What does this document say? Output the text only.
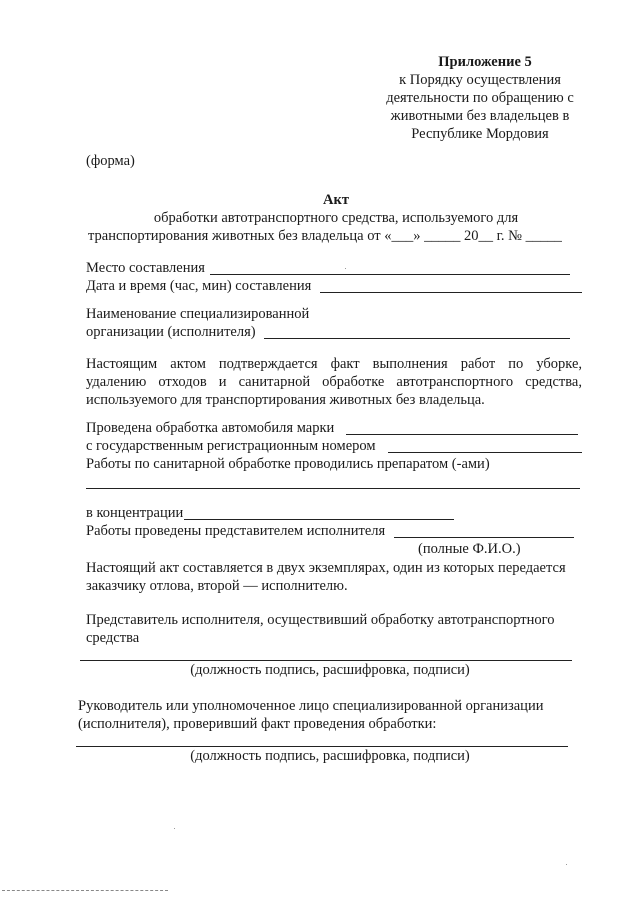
Приложение 5
к Порядку осуществления
деятельности по обращению с
животными без владельцев в
Республике Мордовия
(форма)
Акт
обработки автотранспортного средства, используемого для
транспортирования животных без владельца от «___» _____ 20__ г. № _____
Место составления
Дата и время (час, мин) составления
Наименование специализированной
организации (исполнителя)
Настоящим актом подтверждается факт выполнения работ по уборке,
удалению отходов и санитарной обработке автотранспортного средства,
используемого для транспортирования животных без владельца.
Проведена обработка автомобиля марки
с государственным регистрационным номером
Работы по санитарной обработке проводились препаратом (-ами)
в концентрации
Работы проведены представителем исполнителя
(полные Ф.И.О.)
Настоящий акт составляется в двух экземплярах, один из которых передается
заказчику отлова, второй — исполнителю.
Представитель исполнителя, осуществивший обработку автотранспортного
средства
(должность подпись, расшифровка, подписи)
Руководитель или уполномоченное лицо специализированной организации
(исполнителя), проверивший факт проведения обработки:
(должность подпись, расшифровка, подписи)
